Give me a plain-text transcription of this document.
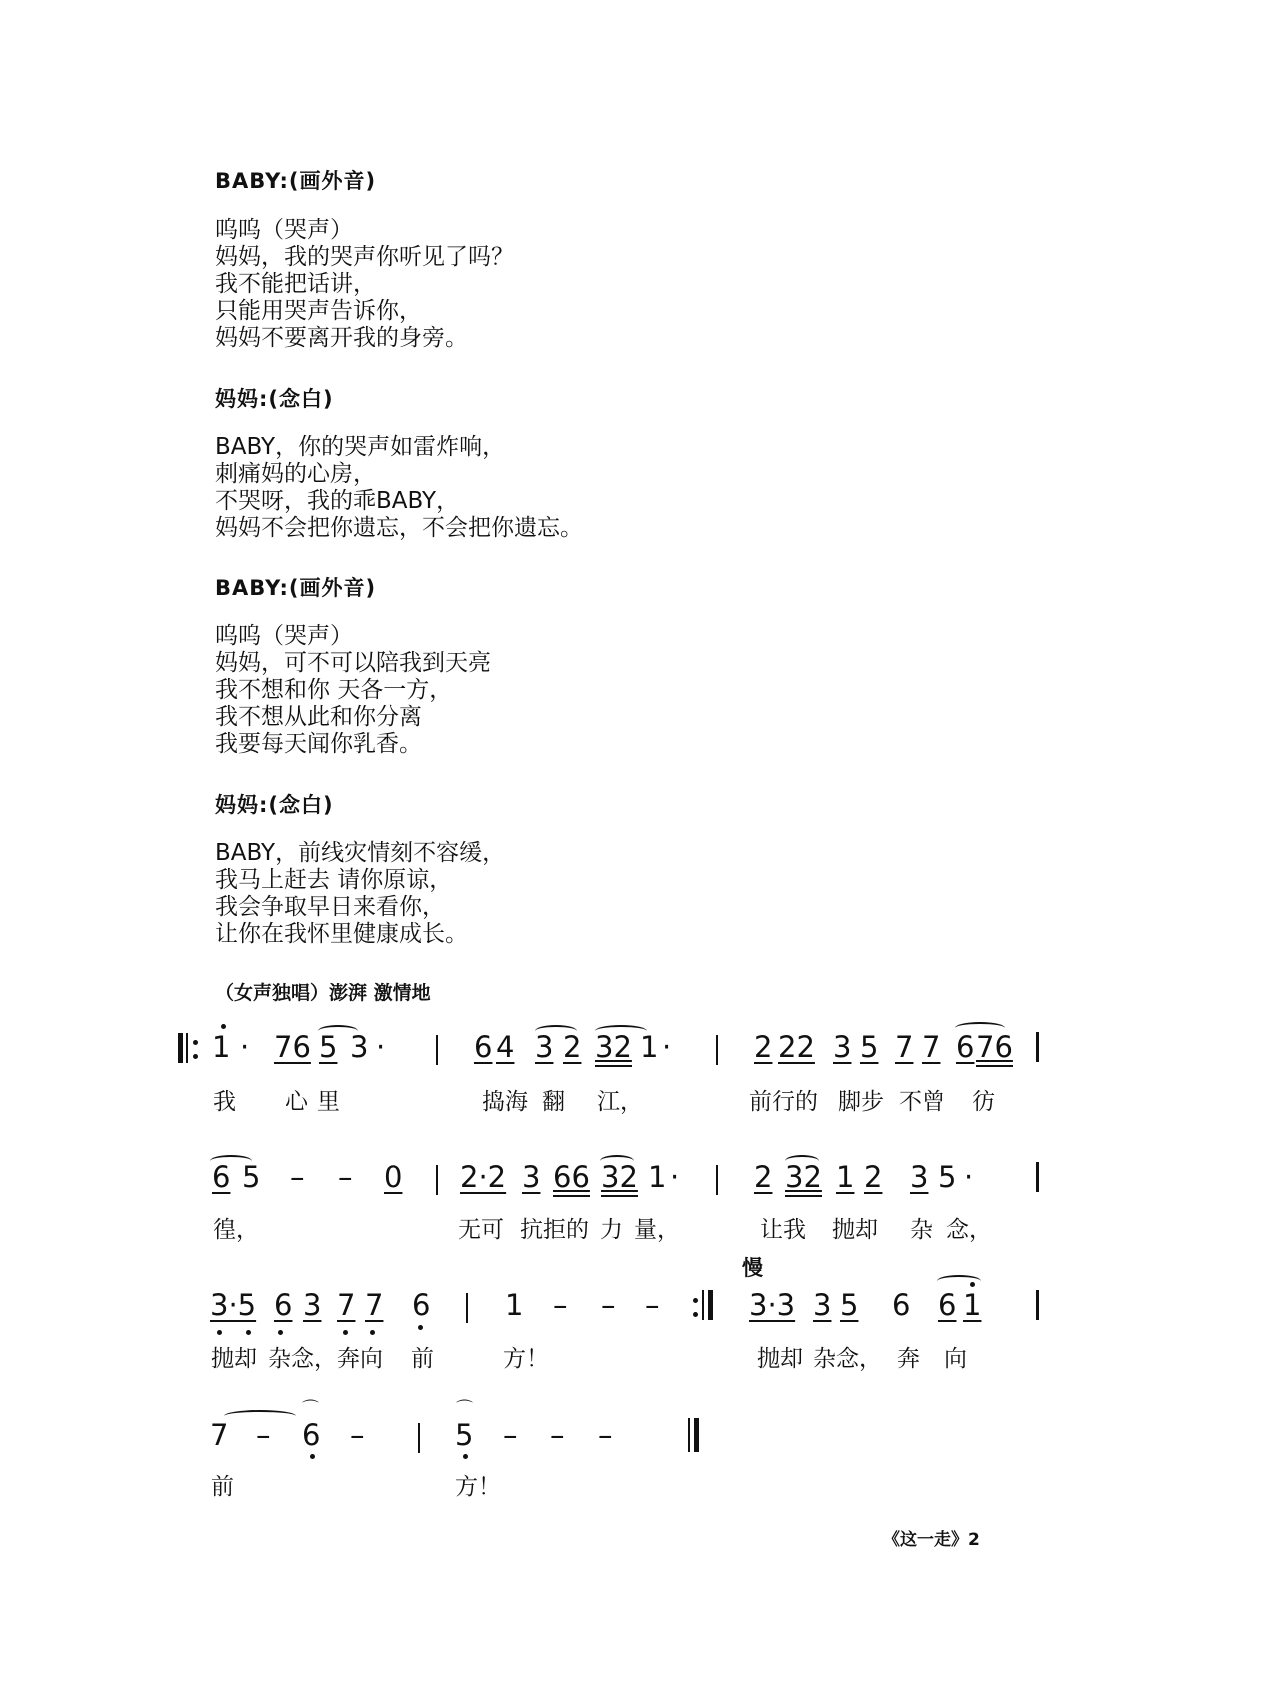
BABY:(画外音)
呜呜（哭声）
妈妈，我的哭声你听见了吗？
我不能把话讲，
只能用哭声告诉你，
妈妈不要离开我的身旁。
妈妈:(念白)
BABY，你的哭声如雷炸响，
刺痛妈的心房，
不哭呀，我的乖BABY，
妈妈不会把你遗忘，不会把你遗忘。
BABY:(画外音)
呜呜（哭声）
妈妈，可不可以陪我到天亮
我不想和你 天各一方，
我不想从此和你分离
我要每天闻你乳香。
妈妈:(念白)
BABY，前线灾情刻不容缓，
我马上赶去 请你原谅，
我会争取早日来看你，
让你在我怀里健康成长。
（女声独唱）澎湃 激情地
1 · 76 5 3 ·	6 4 3 2 32 1 ·	2 22 3 5 7 7 6 76
我 心 里	捣海 翻 江，	前行的 脚步 不曾 彷
6 5 – – 0 2·2 3 66 32 1 ·	2 32 1 2 3 5 ·
徨，	无可 抗拒的 力 量，	让我 抛却 杂 念，
慢
3·5 6 3 7 7 6	1 – – –	3·3 3 5 6 6 1
抛却 杂念，奔向 前	方！	抛却 杂念， 奔 向
7 – 6
⌒
–	5
⌒
– – –
前	方！
《这一走》2
